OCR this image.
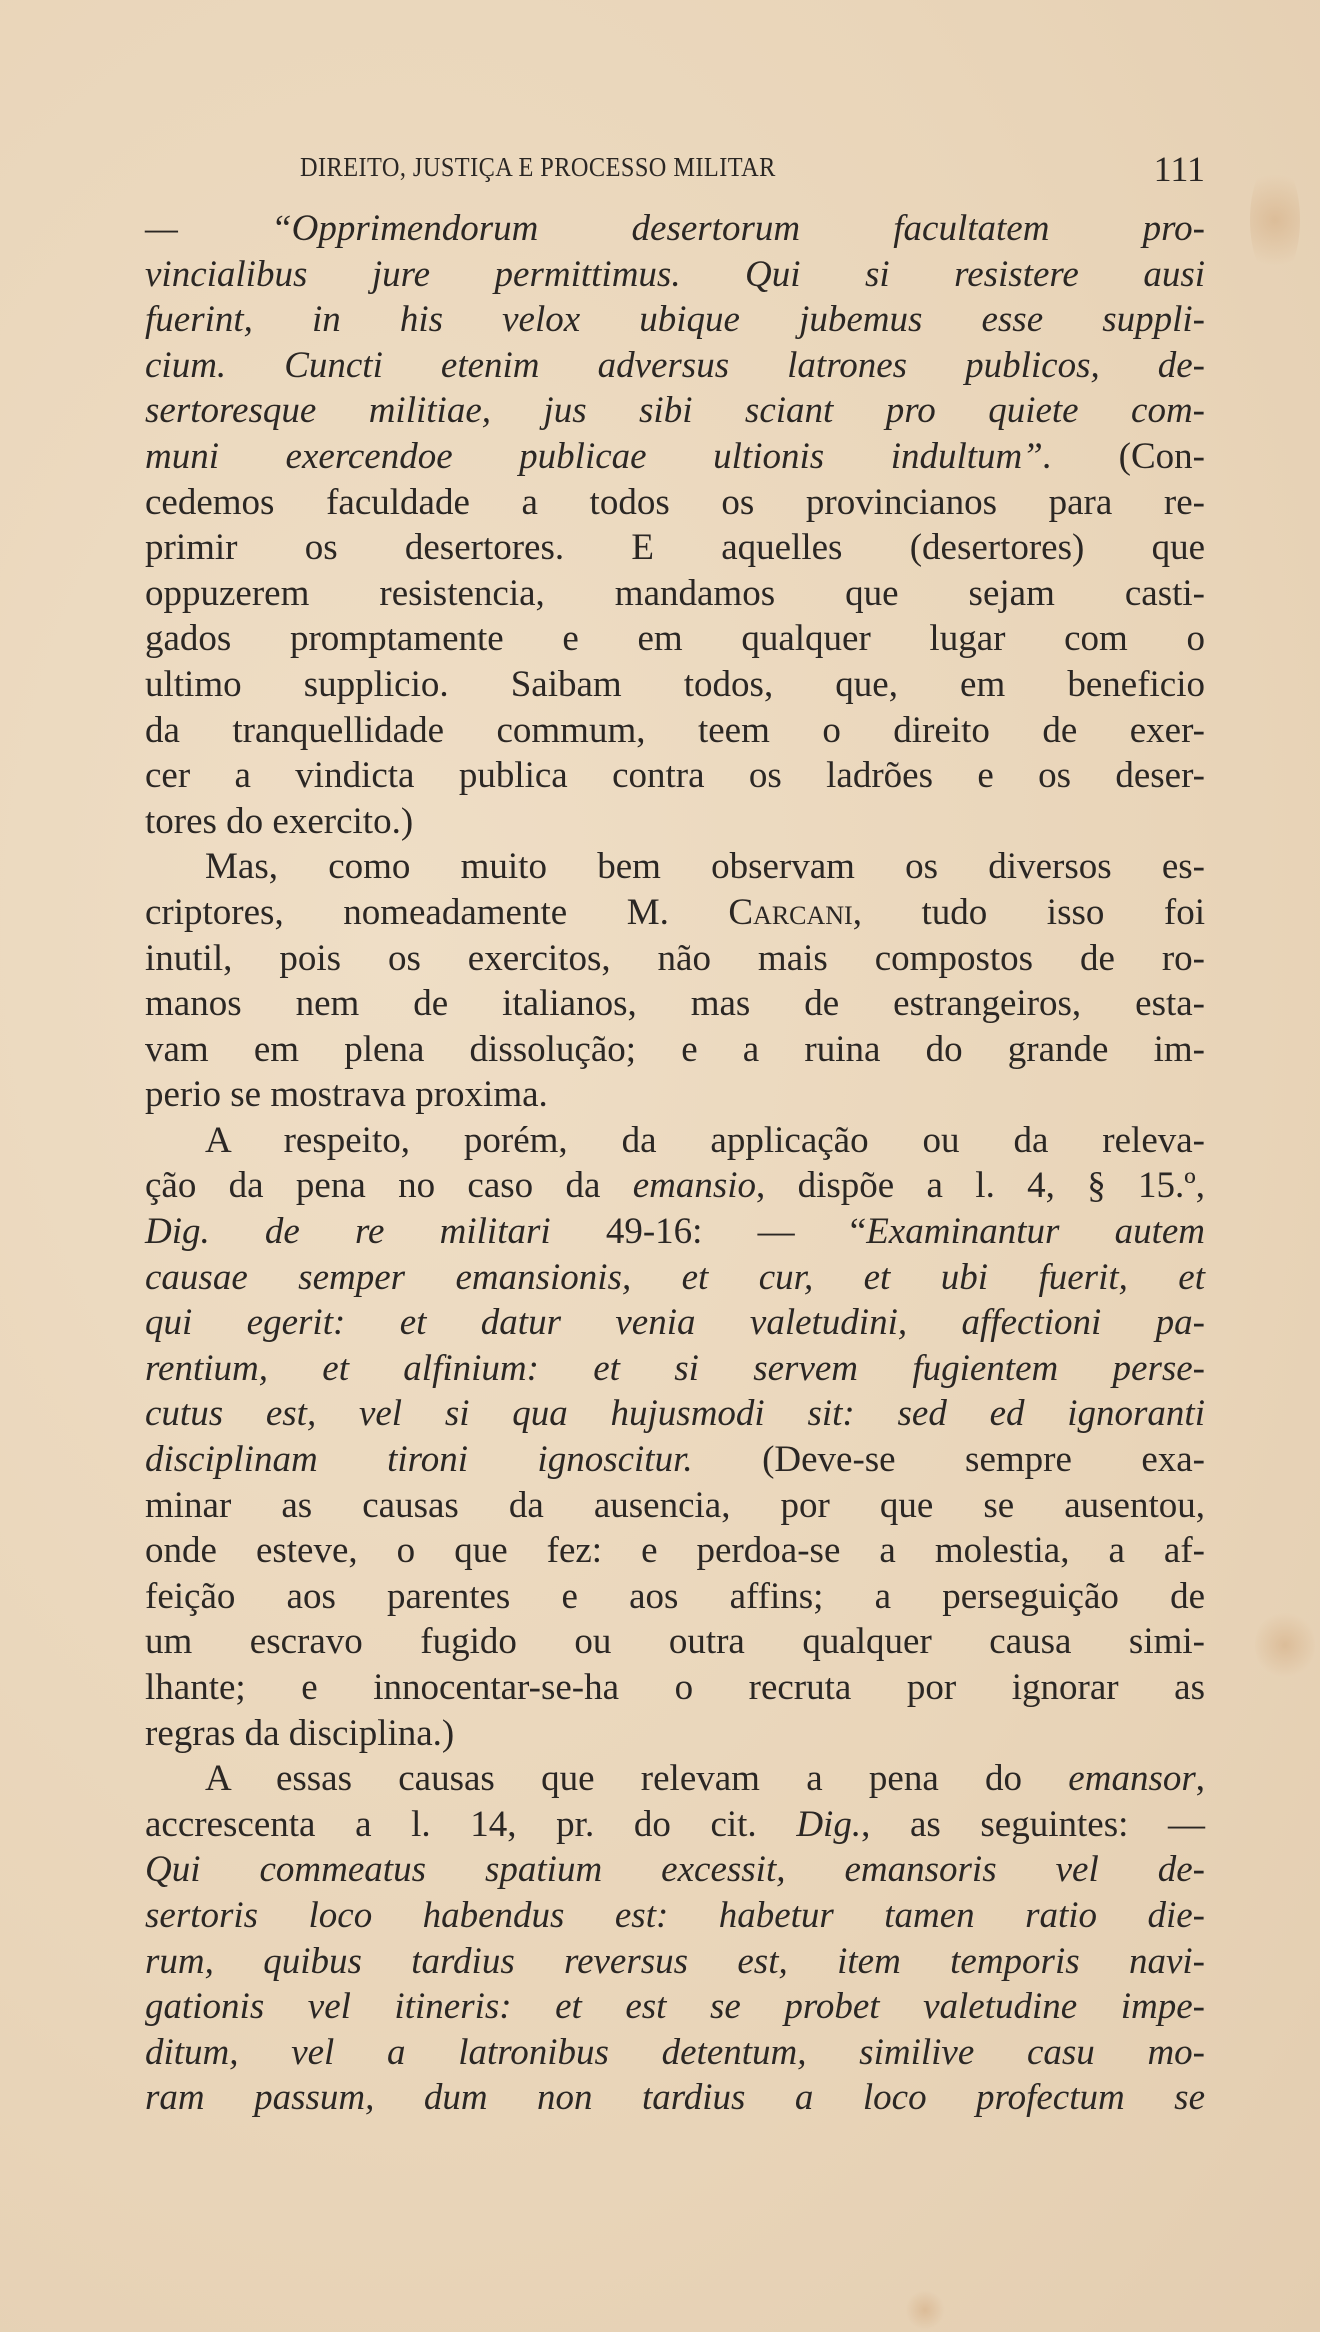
DIREITO, JUSTIÇA E PROCESSO MILITAR	111
— “Opprimendorum desertorum facultatem pro-
vincialibus jure permittimus. Qui si resistere ausi
fuerint, in his velox ubique jubemus esse suppli-
cium. Cuncti etenim adversus latrones publicos, de-
sertoresque militiae, jus sibi sciant pro quiete com-
muni exercendoe publicae ultionis indultum”. (Con-
cedemos faculdade a todos os provincianos para re-
primir os desertores. E aquelles (desertores) que
oppuzerem resistencia, mandamos que sejam casti-
gados promptamente e em qualquer lugar com o
ultimo supplicio. Saibam todos, que, em beneficio
da tranquellidade commum, teem o direito de exer-
cer a vindicta publica contra os ladrões e os deser-
tores do exercito.)
Mas, como muito bem observam os diversos es-
criptores, nomeadamente M. Carcani, tudo isso foi
inutil, pois os exercitos, não mais compostos de ro-
manos nem de italianos, mas de estrangeiros, esta-
vam em plena dissolução; e a ruina do grande im-
perio se mostrava proxima.
A respeito, porém, da applicação ou da releva-
ção da pena no caso da emansio, dispõe a l. 4, § 15.º,
Dig. de re militari 49-16: — “Examinantur autem
causae semper emansionis, et cur, et ubi fuerit, et
qui egerit: et datur venia valetudini, affectioni pa-
rentium, et alfinium: et si servem fugientem perse-
cutus est, vel si qua hujusmodi sit: sed ed ignoranti
disciplinam tironi ignoscitur. (Deve-se sempre exa-
minar as causas da ausencia, por que se ausentou,
onde esteve, o que fez: e perdoa-se a molestia, a af-
feição aos parentes e aos affins; a perseguição de
um escravo fugido ou outra qualquer causa simi-
lhante; e innocentar-se-ha o recruta por ignorar as
regras da disciplina.)
A essas causas que relevam a pena do emansor,
accrescenta a l. 14, pr. do cit. Dig., as seguintes: —
Qui commeatus spatium excessit, emansoris vel de-
sertoris loco habendus est: habetur tamen ratio die-
rum, quibus tardius reversus est, item temporis navi-
gationis vel itineris: et est se probet valetudine impe-
ditum, vel a latronibus detentum, similive casu mo-
ram passum, dum non tardius a loco profectum se
